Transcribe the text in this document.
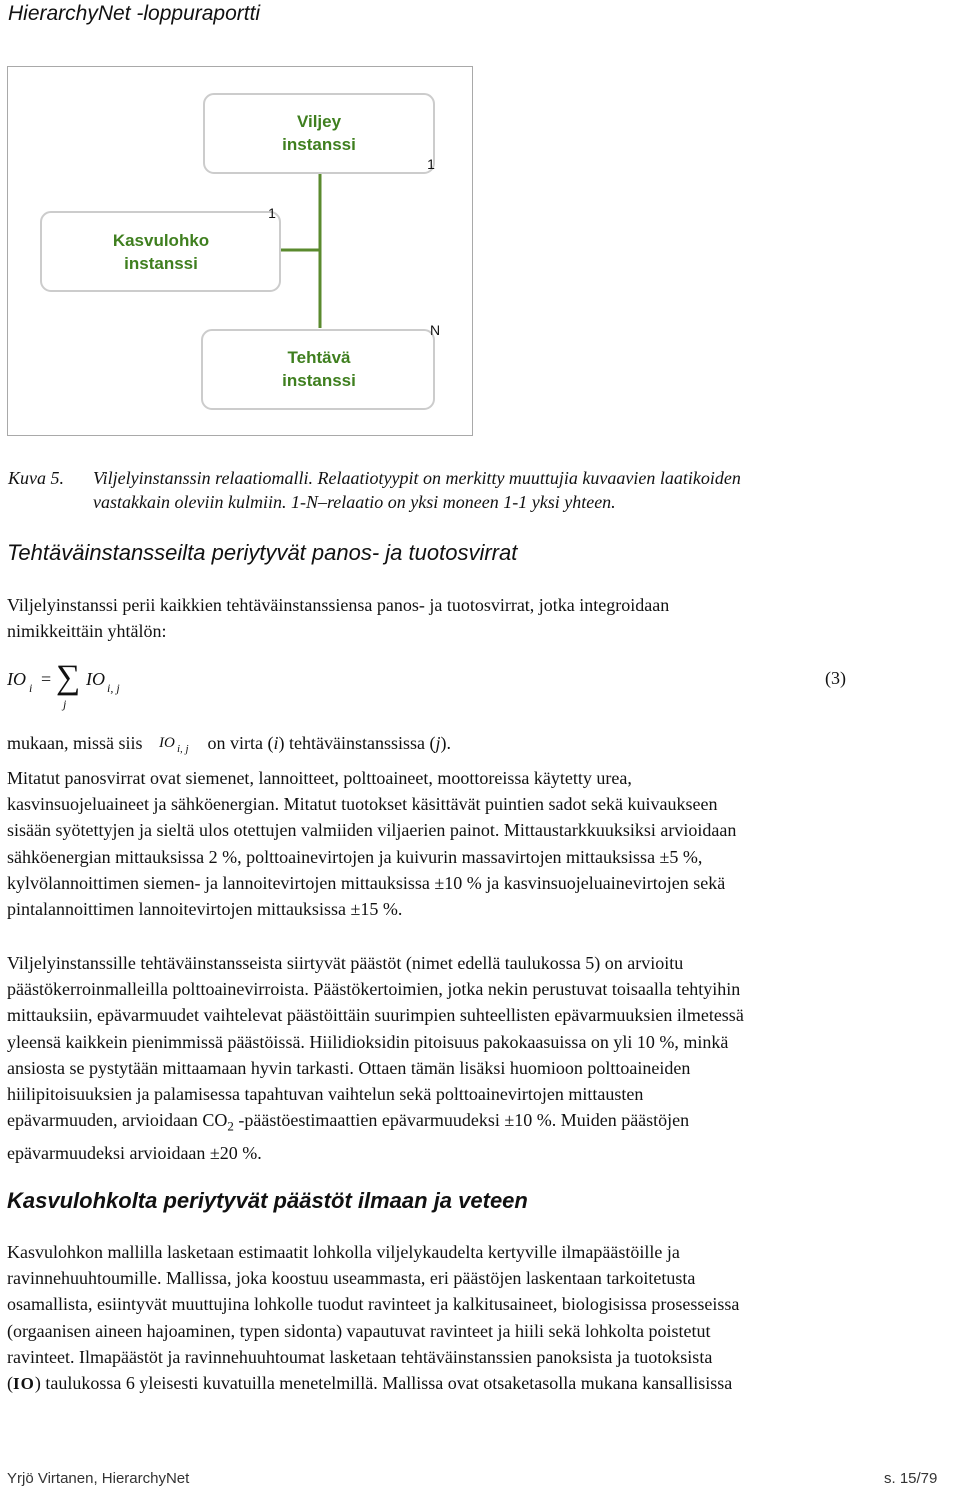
HierarchyNet -loppuraportti
Viljey
instanssi
Kasvulohko
instanssi
Tehtävä
instanssi
1
1
N
Kuva 5. Viljelyinstanssin relaatiomalli. Relaatiotyypit on merkitty muuttujia kuvaavien laatikoiden
vastakkain oleviin kulmiin. 1-N–relaatio on yksi moneen 1-1 yksi yhteen.
Tehtäväinstansseilta periytyvät panos- ja tuotosvirrat
Viljelyinstanssi perii kaikkien tehtäväinstanssiensa panos- ja tuotosvirrat, jotka integroidaan
nimikkeittäin yhtälön:
IO i = ∑
j
IO i, j	(3)
mukaan, missä siis IO i, j on virta (i) tehtäväinstanssissa (j).
Mitatut panosvirrat ovat siemenet, lannoitteet, polttoaineet, moottoreissa käytetty urea,
kasvinsuojeluaineet ja sähköenergian. Mitatut tuotokset käsittävät puintien sadot sekä kuivaukseen
sisään syötettyjen ja sieltä ulos otettujen valmiiden viljaerien painot. Mittaustarkkuuksiksi arvioidaan
sähköenergian mittauksissa 2 %, polttoainevirtojen ja kuivurin massavirtojen mittauksissa ±5 %,
kylvölannoittimen siemen- ja lannoitevirtojen mittauksissa ±10 % ja kasvinsuojeluainevirtojen sekä
pintalannoittimen lannoitevirtojen mittauksissa ±15 %.
Viljelyinstanssille tehtäväinstansseista siirtyvät päästöt (nimet edellä taulukossa 5) on arvioitu
päästökerroinmalleilla polttoainevirroista. Päästökertoimien, jotka nekin perustuvat toisaalla tehtyihin
mittauksiin, epävarmuudet vaihtelevat päästöittäin suurimpien suhteellisten epävarmuuksien ilmetessä
yleensä kaikkein pienimmissä päästöissä. Hiilidioksidin pitoisuus pakokaasuissa on yli 10 %, minkä
ansiosta se pystytään mittaamaan hyvin tarkasti. Ottaen tämän lisäksi huomioon polttoaineiden
hiilipitoisuuksien ja palamisessa tapahtuvan vaihtelun sekä polttoainevirtojen mittausten
epävarmuuden, arvioidaan $CO_2$ -päästöestimaattien epävarmuudeksi ±10 %. Muiden päästöjen
epävarmuudeksi arvioidaan ±20 %.
Kasvulohkolta periytyvät päästöt ilmaan ja veteen
Kasvulohkon mallilla lasketaan estimaatit lohkolla viljelykaudelta kertyville ilmapäästöille ja
ravinnehuuhtoumille. Mallissa, joka koostuu useammasta, eri päästöjen laskentaan tarkoitetusta
osamallista, esiintyvät muuttujina lohkolle tuodut ravinteet ja kalkitusaineet, biologisissa prosesseissa
(orgaanisen aineen hajoaminen, typen sidonta) vapautuvat ravinteet ja hiili sekä lohkolta poistetut
ravinteet. Ilmapäästöt ja ravinnehuuhtoumat lasketaan tehtäväinstanssien panoksista ja tuotoksista
(IO) taulukossa 6 yleisesti kuvatuilla menetelmillä. Mallissa ovat otsaketasolla mukana kansallisissa
Yrjö Virtanen, HierarchyNet	s. 15/79
